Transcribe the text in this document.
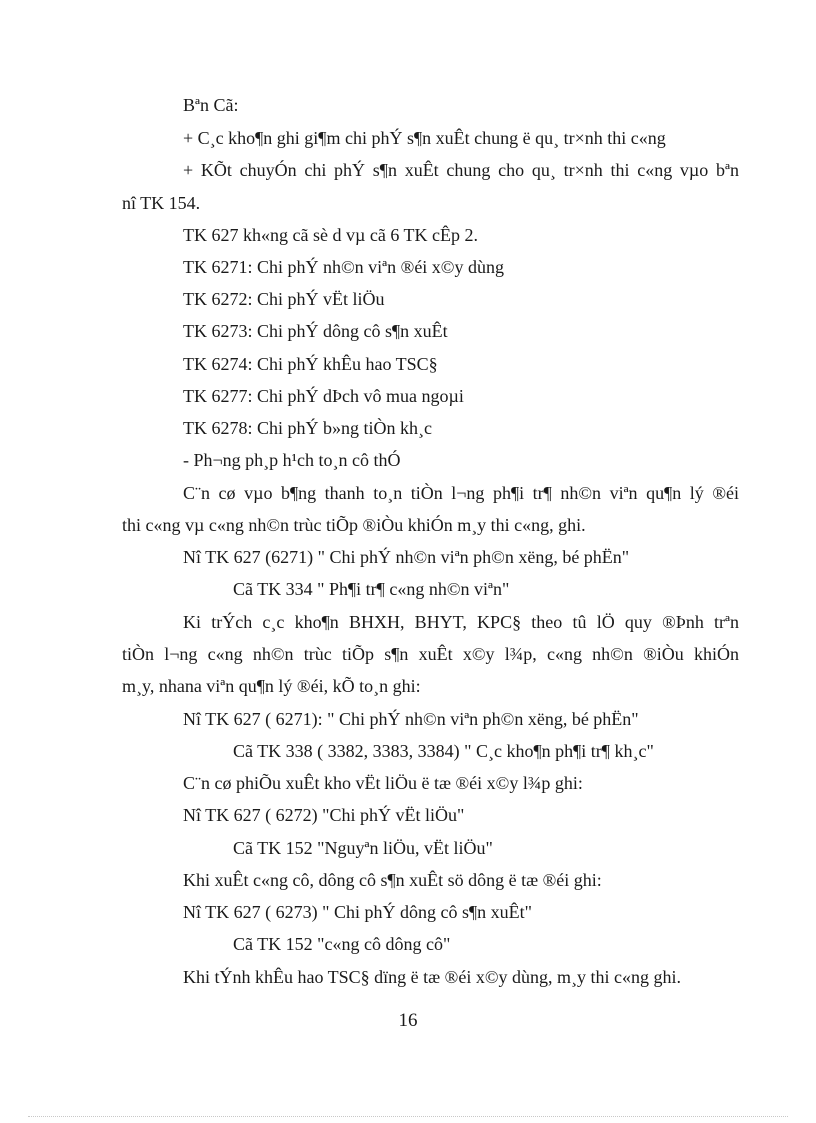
Bªn Cã:
+ C¸c kho¶n ghi gi¶m chi phÝ s¶n xuÊt chung ë qu¸ tr×nh thi c«ng
+ KÕt chuyÓn chi phÝ s¶n xuÊt chung cho qu¸ tr×nh thi c«ng vµo bªn
nî TK 154.
TK 627 kh«ng cã sè d vµ cã 6 TK cÊp 2.
TK 6271: Chi phÝ nh©n viªn ®éi x©y dùng
TK 6272: Chi phÝ vËt liÖu
TK 6273: Chi phÝ dông cô s¶n xuÊt
TK 6274: Chi phÝ khÊu hao TSC§
TK 6277: Chi phÝ dÞch vô mua ngoµi
TK 6278: Chi phÝ b»ng tiÒn kh¸c
- Ph¬ng ph¸p h¹ch to¸n cô thÓ
C¨n cø vµo b¶ng thanh to¸n tiÒn l¬ng ph¶i tr¶ nh©n viªn qu¶n lý ®éi
thi c«ng vµ c«ng nh©n trùc tiÕp ®iÒu khiÓn m¸y thi c«ng, ghi.
Nî TK 627 (6271) " Chi phÝ nh©n viªn ph©n xëng, bé phËn"
Cã TK 334 " Ph¶i tr¶ c«ng nh©n viªn"
Ki trÝch c¸c kho¶n BHXH, BHYT, KPC§ theo tû lÖ quy ®Þnh trªn
tiÒn l¬ng c«ng nh©n trùc tiÕp s¶n xuÊt x©y l¾p, c«ng nh©n ®iÒu khiÓn
m¸y, nhana viªn qu¶n lý ®éi, kÕ to¸n ghi:
Nî TK 627 ( 6271): " Chi phÝ nh©n viªn ph©n xëng, bé phËn"
Cã TK 338 ( 3382, 3383, 3384) " C¸c kho¶n ph¶i tr¶ kh¸c"
C¨n cø phiÕu xuÊt kho vËt liÖu ë tæ ®éi x©y l¾p ghi:
Nî TK 627 ( 6272) "Chi phÝ vËt liÖu"
Cã TK 152 "Nguyªn liÖu, vËt liÖu"
Khi xuÊt c«ng cô, dông cô s¶n xuÊt sö dông ë tæ ®éi ghi:
Nî TK 627 ( 6273) " Chi phÝ dông cô s¶n xuÊt"
Cã TK 152 "c«ng cô dông cô"
Khi tÝnh khÊu hao TSC§ dïng ë tæ ®éi x©y dùng, m¸y thi c«ng ghi.
16
